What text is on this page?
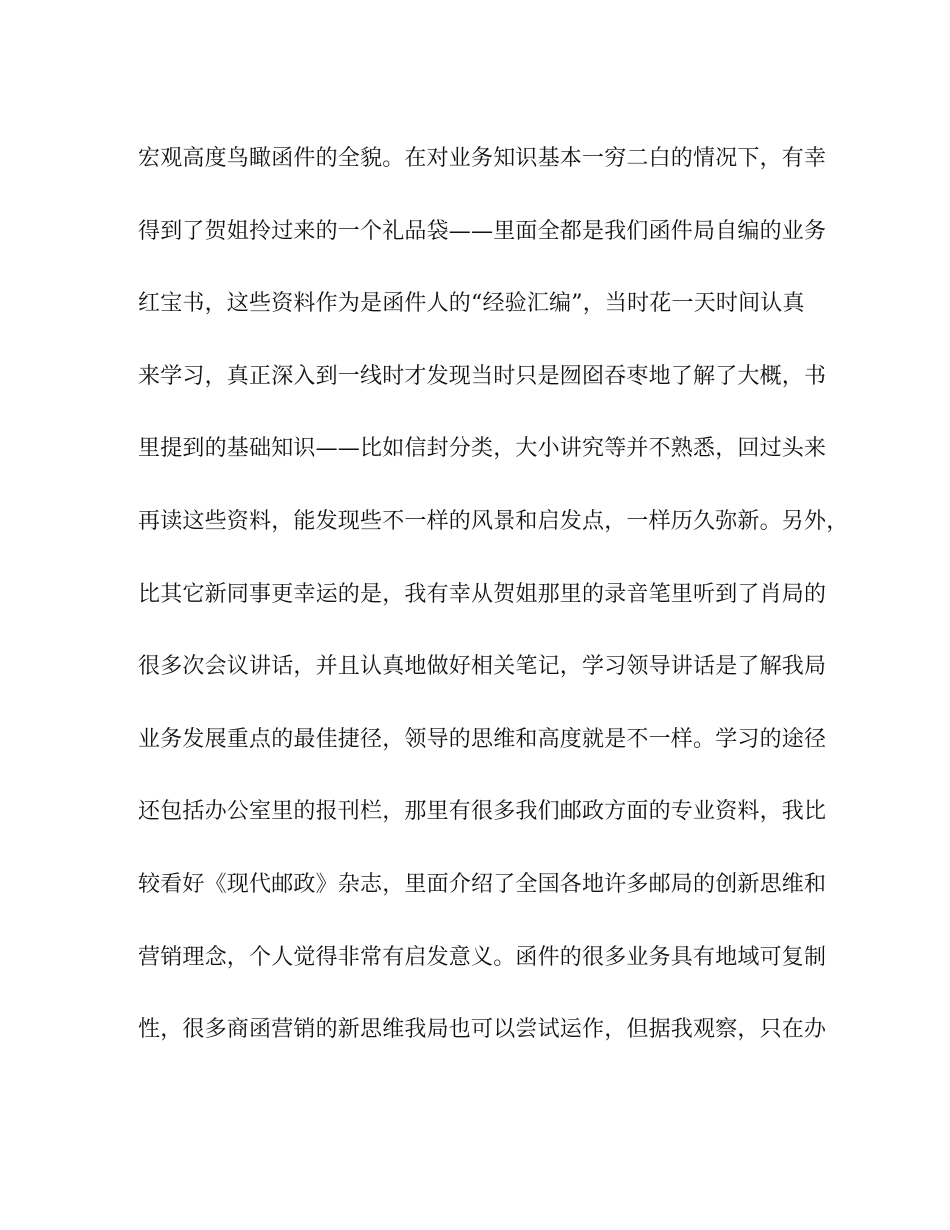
宏观高度鸟瞰函件的全貌。在对业务知识基本一穷二白的情况下，有幸
得到了贺姐拎过来的一个礼品袋——里面全都是我们函件局自编的业务
红宝书，这些资料作为是函件人的“经验汇编”，当时花一天时间认真
来学习，真正深入到一线时才发现当时只是囫囵吞枣地了解了大概，书
里提到的基础知识——比如信封分类，大小讲究等并不熟悉，回过头来
再读这些资料，能发现些不一样的风景和启发点，一样历久弥新。另外，
比其它新同事更幸运的是，我有幸从贺姐那里的录音笔里听到了肖局的
很多次会议讲话，并且认真地做好相关笔记，学习领导讲话是了解我局
业务发展重点的最佳捷径，领导的思维和高度就是不一样。学习的途径
还包括办公室里的报刊栏，那里有很多我们邮政方面的专业资料，我比
较看好《现代邮政》杂志，里面介绍了全国各地许多邮局的创新思维和
营销理念，个人觉得非常有启发意义。函件的很多业务具有地域可复制
性，很多商函营销的新思维我局也可以尝试运作，但据我观察，只在办
